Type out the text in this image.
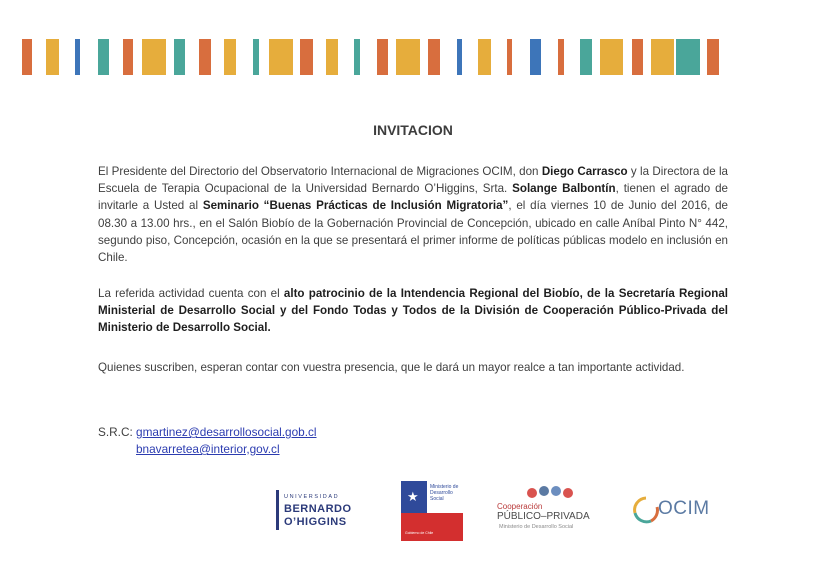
INVITACION
El Presidente del Directorio del Observatorio Internacional de Migraciones OCIM, don Diego Carrasco y la Directora de la Escuela de Terapia Ocupacional de la Universidad Bernardo O’Higgins, Srta. Solange Balbontín, tienen el agrado de invitarle a Usted al Seminario “Buenas Prácticas de Inclusión Migratoria”, el día viernes 10 de Junio del 2016, de 08.30 a 13.00 hrs., en el Salón Biobío de la Gobernación Provincial de Concepción, ubicado en calle Aníbal Pinto N° 442, segundo piso, Concepción, ocasión en la que se presentará el primer informe de políticas públicas modelo en inclusión en Chile.
La referida actividad cuenta con el alto patrocinio de la Intendencia Regional del Biobío, de la Secretaría Regional Ministerial de Desarrollo Social y del Fondo Todas y Todos de la División de Cooperación Público-Privada del Ministerio de Desarrollo Social.
Quienes suscriben, esperan contar con vuestra presencia, que le dará un mayor realce a tan importante actividad.
S.R.C: gmartinez@desarrollosocial.gob.cl
bnavarretea@interior,gov.cl
UNIVERSIDAD
BERNARDO
O’HIGGINS
★
Ministerio de Desarrollo Social
Gobierno de Chile
Cooperación
PÚBLICO–PRIVADA
Ministerio de Desarrollo Social
OCIM
